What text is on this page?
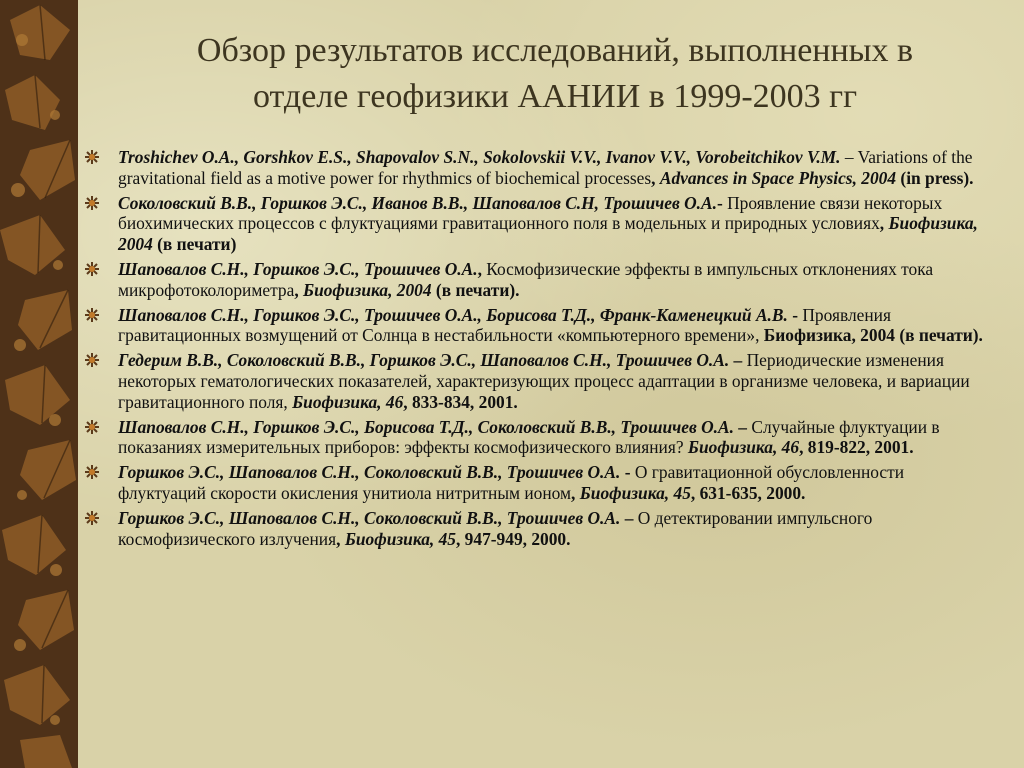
Обзор результатов исследований, выполненных в
отделе геофизики ААНИИ в 1999-2003 гг
Troshichev O.A., Gorshkov E.S., Shapovalov S.N., Sokolovskii V.V., Ivanov V.V., Vorobeitchikov V.M. – Variations of the gravitational field as a motive power for rhythmics of biochemical processes, Advances in Space Physics, 2004 (in press).
Соколовский В.В., Горшков Э.С., Иванов В.В., Шаповалов С.Н, Трошичев О.А.- Проявление связи некоторых биохимических процессов с флуктуациями гравитационного поля в модельных и природных условиях, Биофизика, 2004 (в печати)
Шаповалов С.Н., Горшков Э.С., Трошичев О.А., Космофизические эффекты в импульсных отклонениях тока микрофотоколориметра, Биофизика, 2004 (в печати).
Шаповалов С.Н., Горшков Э.С., Трошичев О.А., Борисова Т.Д., Франк-Каменецкий А.В. - Проявления гравитационных возмущений от Солнца в нестабильности «компьютерного времени», Биофизика, 2004 (в печати).
Гедерим В.В., Соколовский В.В., Горшков Э.С., Шаповалов С.Н., Трошичев О.А. – Периодические изменения некоторых гематологических показателей, характеризующих процесс адаптации в организме человека, и вариации гравитационного поля, Биофизика, 46, 833-834, 2001.
Шаповалов С.Н., Горшков Э.С., Борисова Т.Д., Соколовский В.В., Трошичев О.А. – Случайные флуктуации в показаниях измерительных приборов: эффекты космофизического влияния? Биофизика, 46, 819-822, 2001.
Горшков Э.С., Шаповалов С.Н., Соколовский В.В., Трошичев О.А. - О гравитационной обусловленности флуктуаций скорости окисления унитиола нитритным ионом, Биофизика, 45, 631-635, 2000.
Горшков Э.С., Шаповалов С.Н., Соколовский В.В., Трошичев О.А. – О детектировании импульсного космофизического излучения, Биофизика, 45, 947-949, 2000.
